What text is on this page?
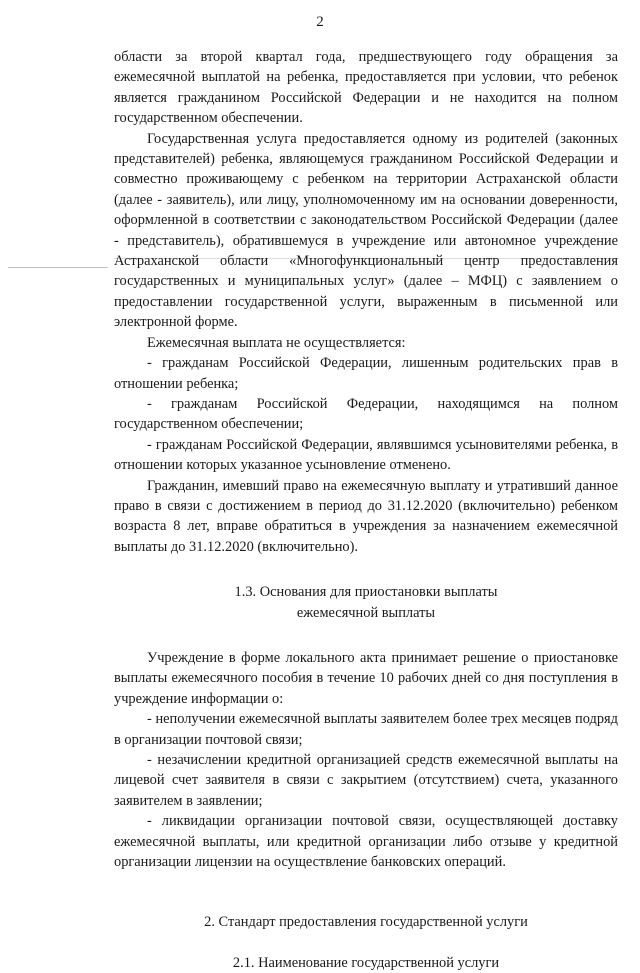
2

области за второй квартал года, предшествующего году обращения за ежемесячной выплатой на ребенка, предоставляется при условии, что ребенок является гражданином Российской Федерации и не находится на полном государственном обеспечении.

Государственная услуга предоставляется одному из родителей (законных представителей) ребенка, являющемуся гражданином Российской Федерации и совместно проживающему с ребенком на территории Астраханской области (далее - заявитель), или лицу, уполномоченному им на основании доверенности, оформленной в соответствии с законодательством Российской Федерации (далее - представитель), обратившемуся в учреждение или автономное учреждение Астраханской области «Многофункциональный центр предоставления государственных и муниципальных услуг» (далее – МФЦ) с заявлением о предоставлении государственной услуги, выраженным в письменной или электронной форме.

Ежемесячная выплата не осуществляется:

- гражданам Российской Федерации, лишенным родительских прав в отношении ребенка;

- гражданам Российской Федерации, находящимся на полном государственном обеспечении;

- гражданам Российской Федерации, являвшимся усыновителями ребенка, в отношении которых указанное усыновление отменено.

Гражданин, имевший право на ежемесячную выплату и утративший данное право в связи с достижением в период до 31.12.2020 (включительно) ребенком возраста 8 лет, вправе обратиться в учреждения за назначением ежемесячной выплаты до 31.12.2020 (включительно).

1.3. Основания для приостановки выплаты
ежемесячной выплаты

Учреждение в форме локального акта принимает решение о приостановке выплаты ежемесячного пособия в течение 10 рабочих дней со дня поступления в учреждение информации о:

- неполучении ежемесячной выплаты заявителем более трех месяцев подряд в организации почтовой связи;

- незачислении кредитной организацией средств ежемесячной выплаты на лицевой счет заявителя в связи с закрытием (отсутствием) счета, указанного заявителем в заявлении;

- ликвидации организации почтовой связи, осуществляющей доставку ежемесячной выплаты, или кредитной организации либо отзыве у кредитной организации лицензии на осуществление банковских операций.

2. Стандарт предоставления государственной услуги

2.1. Наименование государственной услуги
